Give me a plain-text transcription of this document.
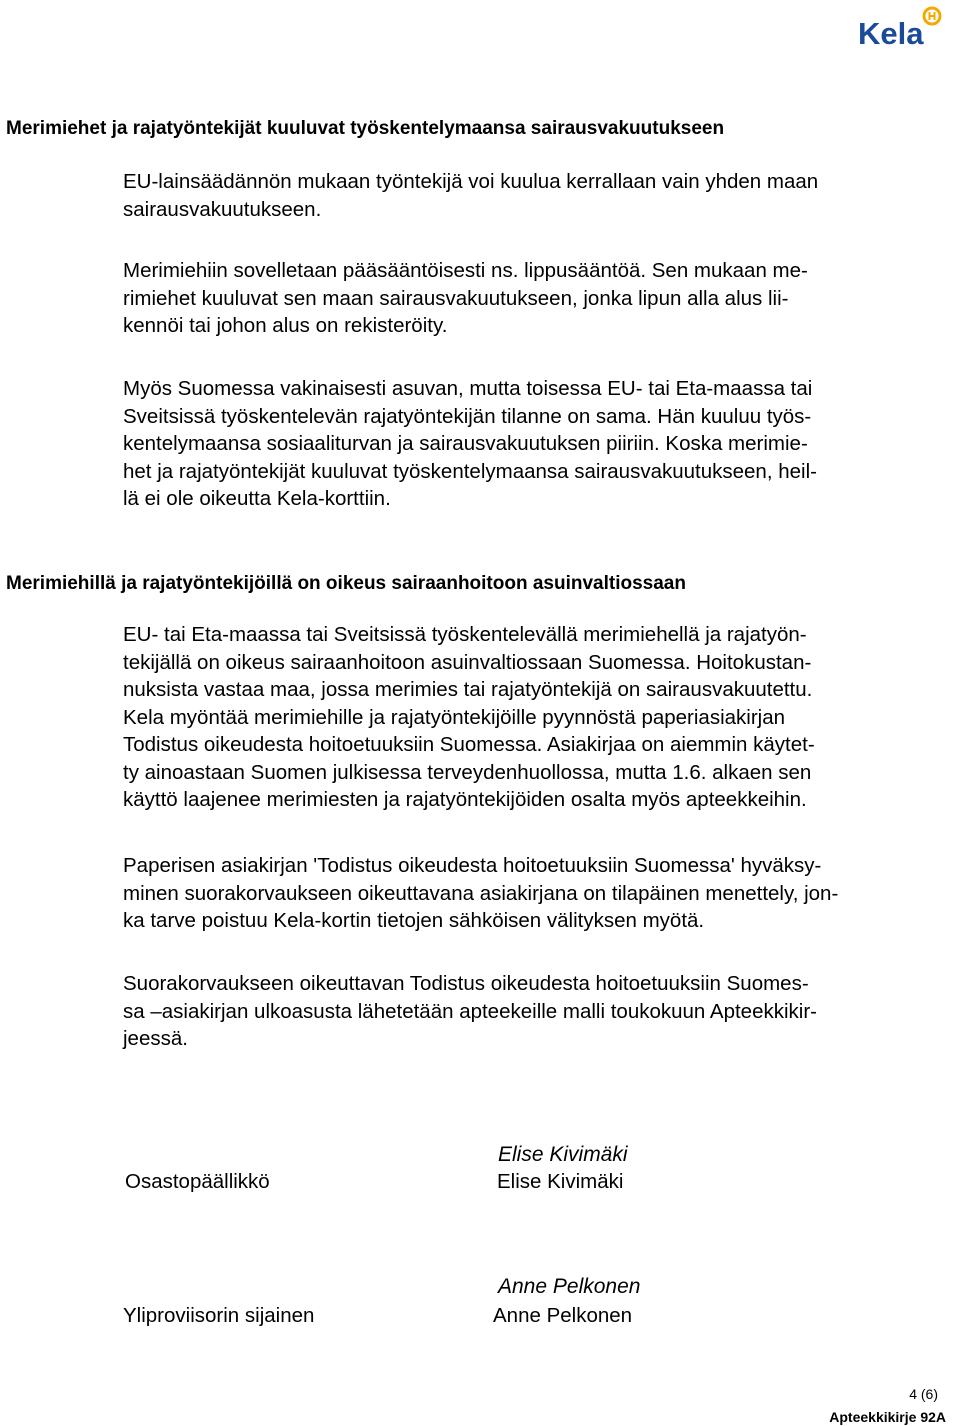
Kela
Merimiehet ja rajatyöntekijät kuuluvat työskentelymaansa sairausvakuutukseen

EU-lainsäädännön mukaan työntekijä voi kuulua kerrallaan vain yhden maan
sairausvakuutukseen.

Merimiehiin sovelletaan pääsääntöisesti ns. lippusääntöä. Sen mukaan me-
rimiehet kuuluvat sen maan sairausvakuutukseen, jonka lipun alla alus lii-
kennöi tai johon alus on rekisteröity.

Myös Suomessa vakinaisesti asuvan, mutta toisessa EU- tai Eta-maassa tai
Sveitsissä työskentelevän rajatyöntekijän tilanne on sama. Hän kuuluu työs-
kentelymaansa sosiaaliturvan ja sairausvakuutuksen piiriin. Koska merimie-
het ja rajatyöntekijät kuuluvat työskentelymaansa sairausvakuutukseen, heil-
lä ei ole oikeutta Kela-korttiin.

Merimiehillä ja rajatyöntekijöillä on oikeus sairaanhoitoon asuinvaltiossaan

EU- tai Eta-maassa tai Sveitsissä työskentelevällä merimiehellä ja rajatyön-
tekijällä on oikeus sairaanhoitoon asuinvaltiossaan Suomessa. Hoitokustan-
nuksista vastaa maa, jossa merimies tai rajatyöntekijä on sairausvakuutettu.
Kela myöntää merimiehille ja rajatyöntekijöille pyynnöstä paperiasiakirjan
Todistus oikeudesta hoitoetuuksiin Suomessa. Asiakirjaa on aiemmin käytet-
ty ainoastaan Suomen julkisessa terveydenhuollossa, mutta 1.6. alkaen sen
käyttö laajenee merimiesten ja rajatyöntekijöiden osalta myös apteekkeihin.

Paperisen asiakirjan 'Todistus oikeudesta hoitoetuuksiin Suomessa' hyväksy-
minen suorakorvaukseen oikeuttavana asiakirjana on tilapäinen menettely, jon-
ka tarve poistuu Kela-kortin tietojen sähköisen välityksen myötä.

Suorakorvaukseen oikeuttavan Todistus oikeudesta hoitoetuuksiin Suomes-
sa –asiakirjan ulkoasusta lähetetään apteekeille malli toukokuun Apteekkikir-
jeessä.

Osastopäällikkö
Elise Kivimäki
Elise Kivimäki
Yliproviisorin sijainen
Anne Pelkonen
Anne Pelkonen
4 (6)
Apteekkikirje 92A
